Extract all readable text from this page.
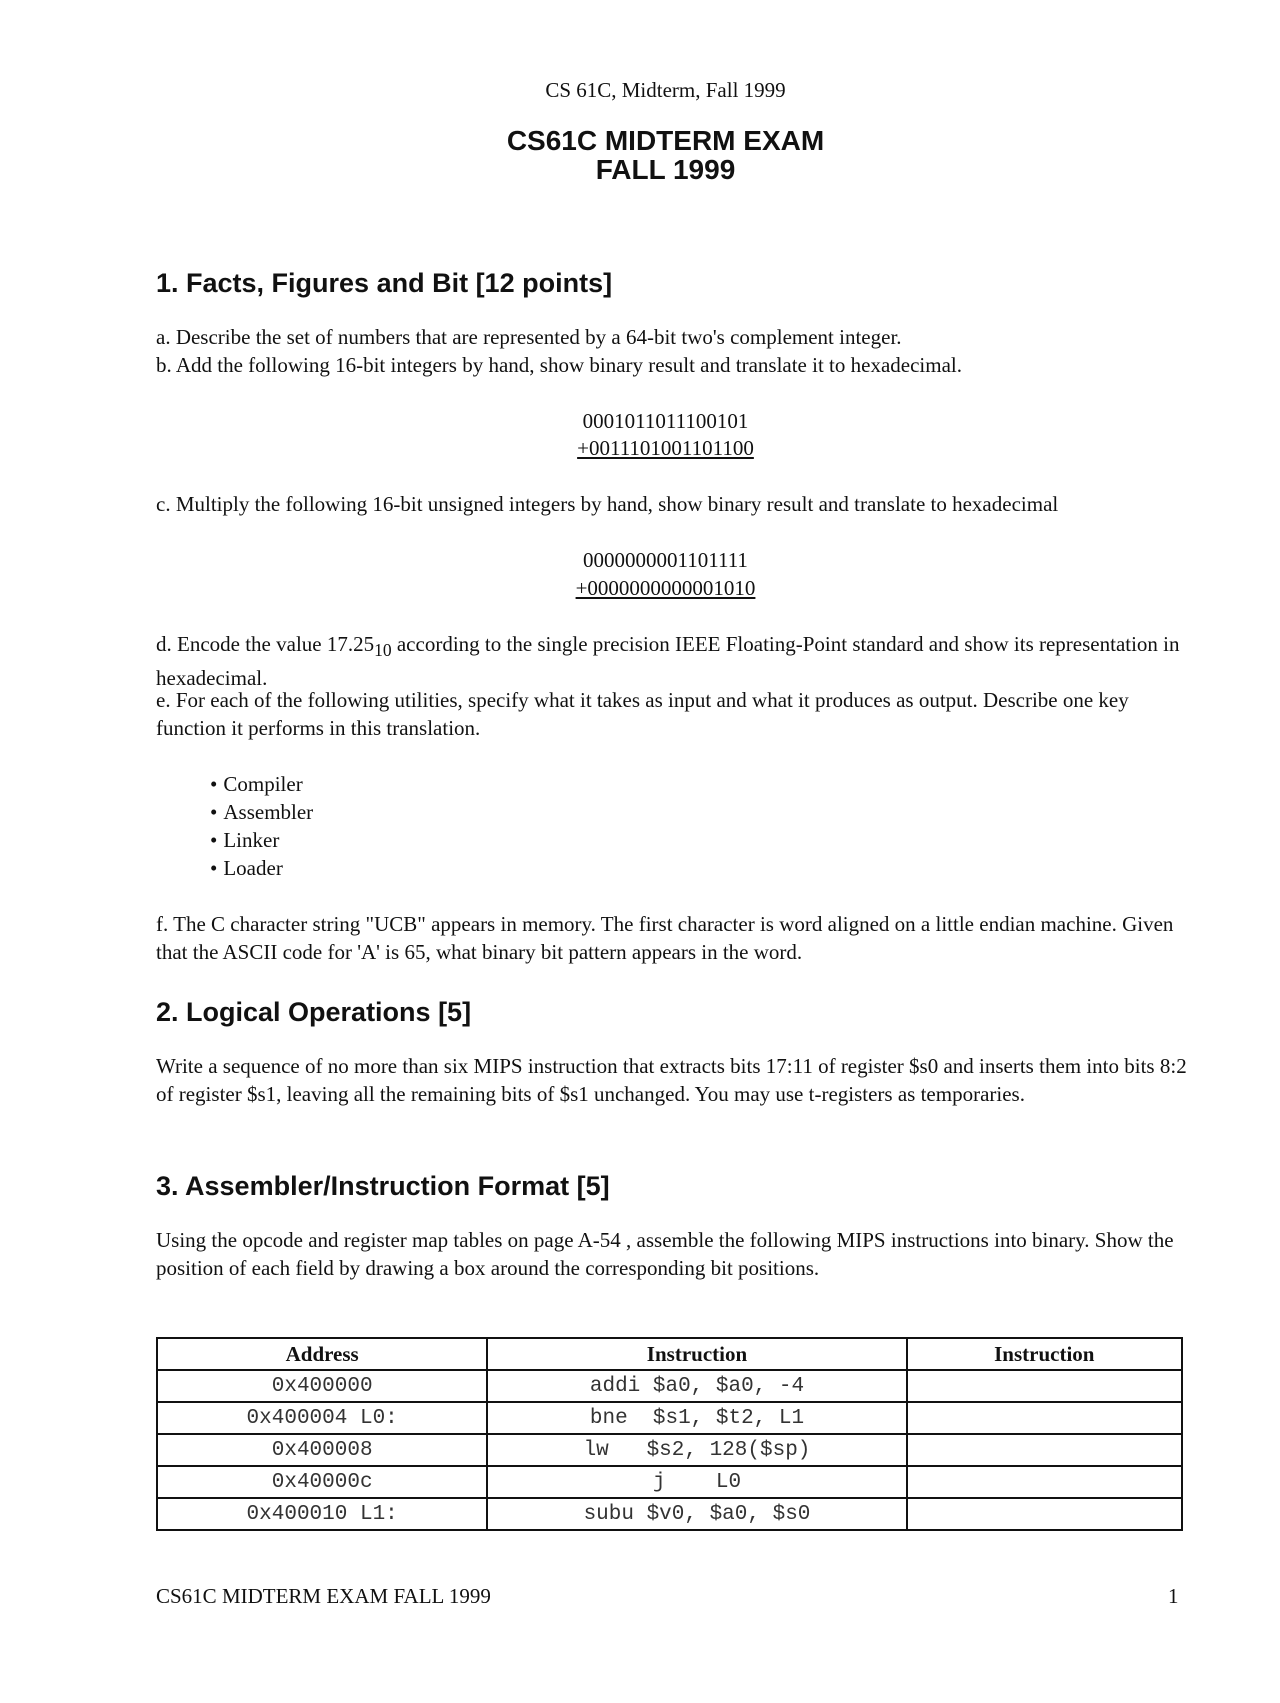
CS 61C, Midterm, Fall 1999
CS61C MIDTERM EXAM
FALL 1999
1. Facts, Figures and Bit [12 points]
a. Describe the set of numbers that are represented by a 64-bit two's complement integer.
b. Add the following 16-bit integers by hand, show binary result and translate it to hexadecimal.
0001011011100101
+0011101001101100
c. Multiply the following 16-bit unsigned integers by hand, show binary result and translate to hexadecimal
0000000001101111
+0000000000001010
d. Encode the value $17.25_{10}$ according to the single precision IEEE Floating-Point standard and show its representation in hexadecimal.
e. For each of the following utilities, specify what it takes as input and what it produces as output. Describe one key function it performs in this translation.
• Compiler
• Assembler
• Linker
• Loader
f. The C character string "UCB" appears in memory. The first character is word aligned on a little endian machine. Given that the ASCII code for 'A' is 65, what binary bit pattern appears in the word.
2. Logical Operations [5]
Write a sequence of no more than six MIPS instruction that extracts bits 17:11 of register $s0 and inserts them into bits 8:2 of register $s1, leaving all the remaining bits of $s1 unchanged. You may use t-registers as temporaries.
3. Assembler/Instruction Format [5]
Using the opcode and register map tables on page A-54 , assemble the following MIPS instructions into binary. Show the position of each field by drawing a box around the corresponding bit positions.
Address	Instruction	Instruction
0x400000	addi $a0, $a0, -4	
0x400004 L0:	bne  $s1, $t2, L1	
0x400008	lw   $s2, 128($sp)	
0x40000c	j    L0	
0x400010 L1:	subu $v0, $a0, $s0	
CS61C MIDTERM EXAM FALL 1999	1
